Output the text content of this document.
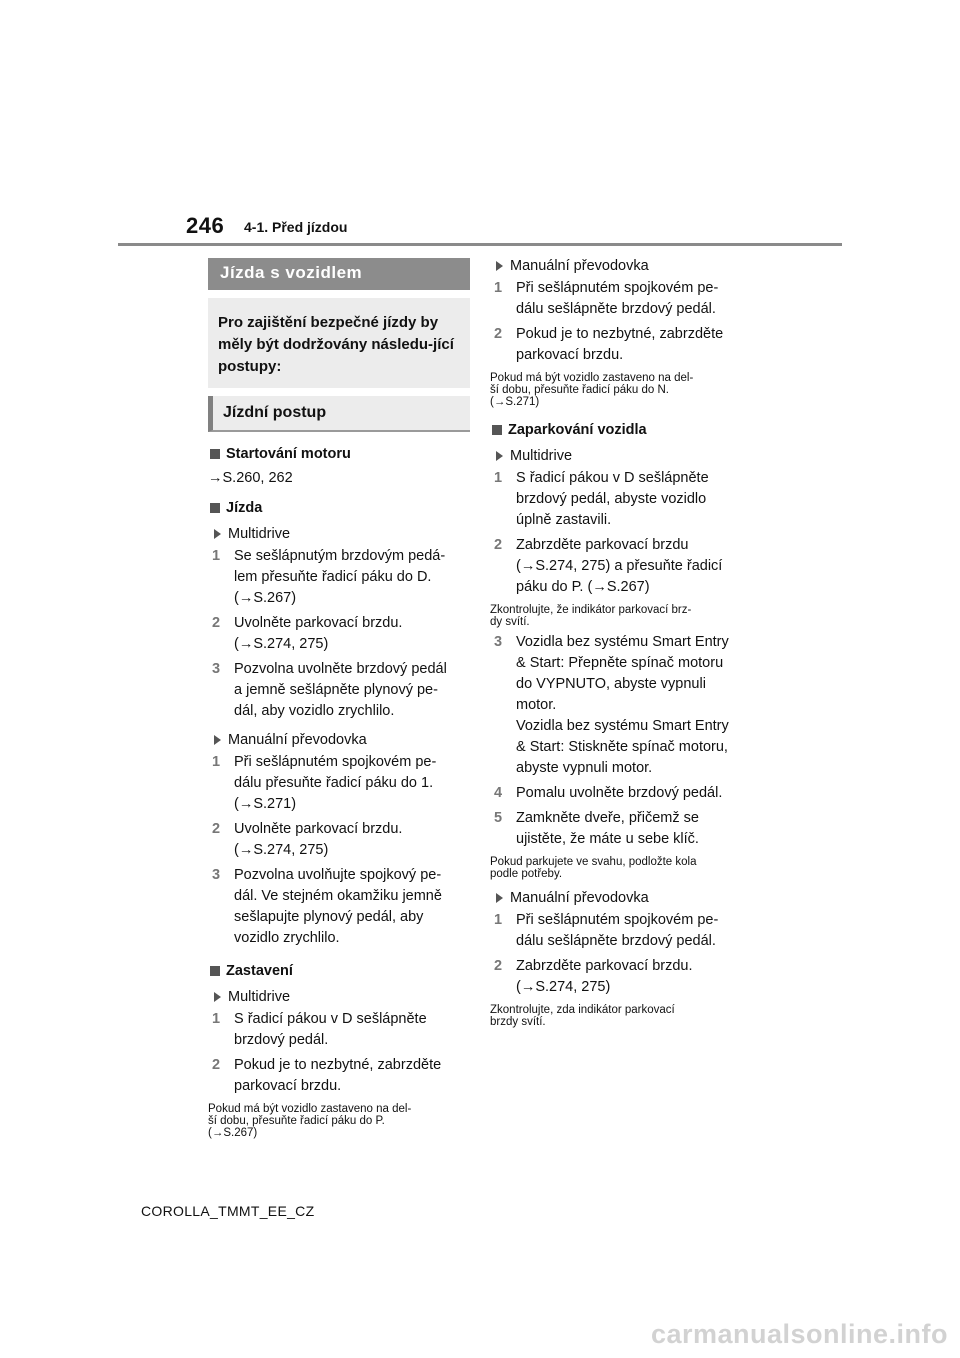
246 4-1. Před jízdou
Jízda s vozidlem
Pro zajištění bezpečné jízdy by měly být dodržovány následu-jící postupy:
Jízdní postup
Startování motoru
→S.260, 262
Jízda
Multidrive
1 Se sešlápnutým brzdovým pedá-
lem přesuňte řadicí páku do D.
(→S.267)
2 Uvolněte parkovací brzdu.
(→S.274, 275)
3 Pozvolna uvolněte brzdový pedál
a jemně sešlápněte plynový pe-
dál, aby vozidlo zrychlilo.
Manuální převodovka
1 Při sešlápnutém spojkovém pe-
dálu přesuňte řadicí páku do 1.
(→S.271)
2 Uvolněte parkovací brzdu.
(→S.274, 275)
3 Pozvolna uvolňujte spojkový pe-
dál. Ve stejném okamžiku jemně
sešlapujte plynový pedál, aby
vozidlo zrychlilo.
Zastavení
Multidrive
1 S řadicí pákou v D sešlápněte
brzdový pedál.
2 Pokud je to nezbytné, zabrzděte
parkovací brzdu.
Pokud má být vozidlo zastaveno na del-
ší dobu, přesuňte řadicí páku do P.
(→S.267)
Manuální převodovka
1 Při sešlápnutém spojkovém pe-
dálu sešlápněte brzdový pedál.
2 Pokud je to nezbytné, zabrzděte
parkovací brzdu.
Pokud má být vozidlo zastaveno na del-
ší dobu, přesuňte řadicí páku do N.
(→S.271)
Zaparkování vozidla
Multidrive
1 S řadicí pákou v D sešlápněte
brzdový pedál, abyste vozidlo
úplně zastavili.
2 Zabrzděte parkovací brzdu
(→S.274, 275) a přesuňte řadicí
páku do P. (→S.267)
Zkontrolujte, že indikátor parkovací brz-
dy svítí.
3 Vozidla bez systému Smart Entry
& Start: Přepněte spínač motoru
do VYPNUTO, abyste vypnuli
motor.
Vozidla bez systému Smart Entry
& Start: Stiskněte spínač motoru,
abyste vypnuli motor.
4 Pomalu uvolněte brzdový pedál.
5 Zamkněte dveře, přičemž se
ujistěte, že máte u sebe klíč.
Pokud parkujete ve svahu, podložte kola
podle potřeby.
Manuální převodovka
1 Při sešlápnutém spojkovém pe-
dálu sešlápněte brzdový pedál.
2 Zabrzděte parkovací brzdu.
(→S.274, 275)
Zkontrolujte, zda indikátor parkovací
brzdy svítí.
COROLLA_TMMT_EE_CZ
carmanualsonline.info
